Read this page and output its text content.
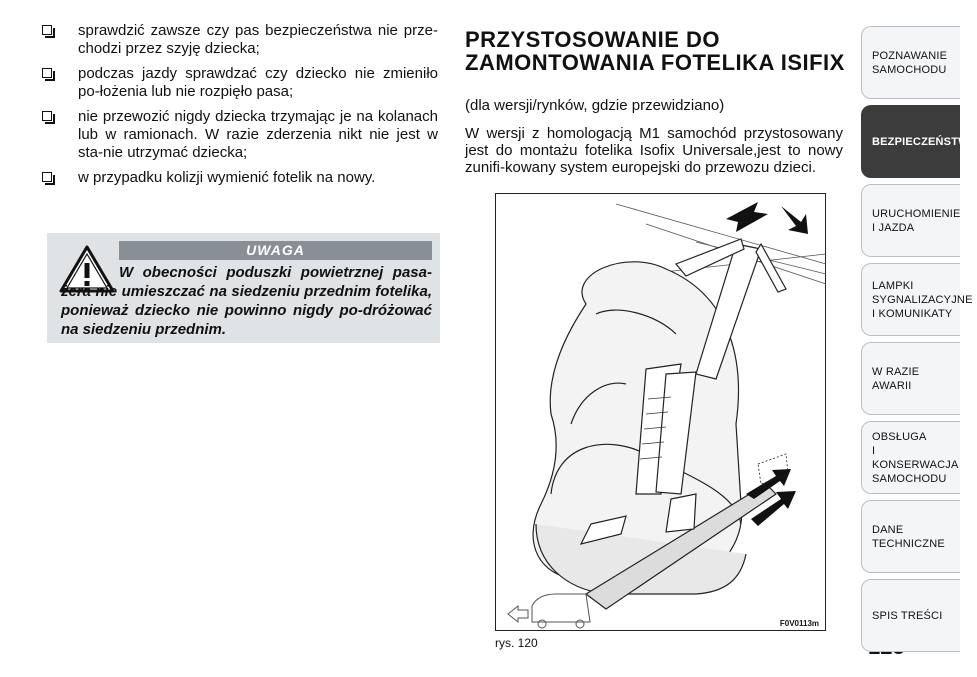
sprawdzić zawsze czy pas bezpieczeństwa nie prze-chodzi przez szyję dziecka;
podczas jazdy sprawdzać czy dziecko nie zmieniło po-łożenia lub nie rozpięło pasa;
nie przewozić nigdy dziecka trzymając je na kolanach lub w ramionach. W razie zderzenia nikt nie jest w sta-nie utrzymać dziecka;
w przypadku kolizji wymienić fotelik na nowy.
UWAGA
W obecności poduszki powietrznej pasa-żera nie umieszczać na siedzeniu przednim fotelika, ponieważ dziecko nie powinno nigdy po-dróżować na siedzeniu przednim.
PRZYSTOSOWANIE DO ZAMONTOWANIA FOTELIKA ISIFIX
(dla wersji/rynków, gdzie przewidziano)
W wersji z homologacją M1 samochód przystosowany jest do montażu fotelika Isofix Universale,jest to nowy zunifi-kowany system europejski do przewozu dzieci.
F0V0113m
rys. 120
POZNAWANIE
SAMOCHODU
BEZPIECZEŃSTWO
URUCHOMIENIE
I JAZDA
LAMPKI
SYGNALIZACYJNE
I KOMUNIKATY
W RAZIE AWARII
OBSŁUGA
I KONSERWACJA
SAMOCHODU
DANE
TECHNICZNE
SPIS TREŚCI
